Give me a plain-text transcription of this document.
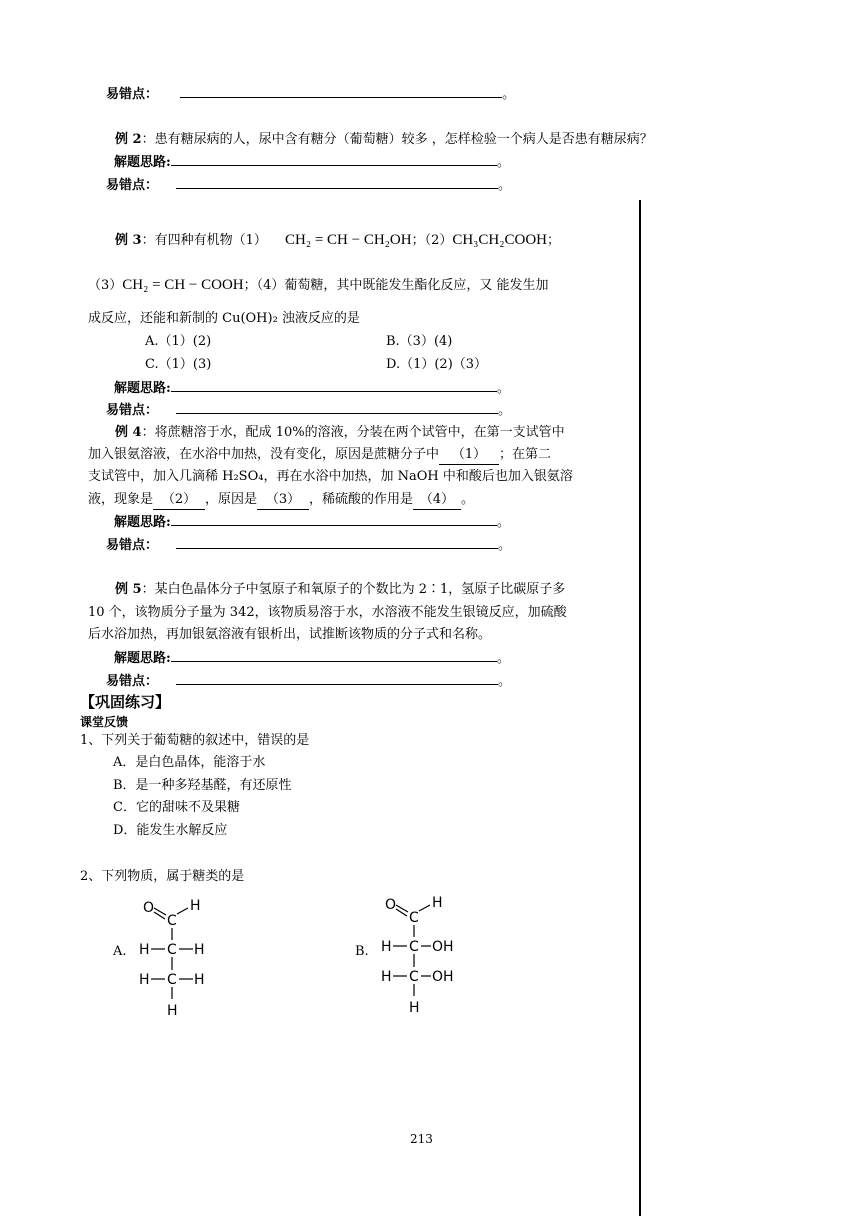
易错点：	。
例 2：患有糖尿病的人，尿中含有糖分（葡萄糖）较多 ，怎样检验一个病人是否患有糖尿病？
解题思路:	。
易错点：	。
例 3：有四种有机物（1） CH₂ = CH − CH₂OH；（2）CH₃CH₂COOH；
（3）CH₂ = CH − COOH；（4）葡萄糖，其中既能发生酯化反应，又 能发生加
成反应，还能和新制的 Cu(OH)₂ 浊液反应的是
A.（1）(2)	B.（3）(4)
C.（1）(3)	D.（1）(2)（3）
解题思路:	。
易错点：	。
例 4：将蔗糖溶于水，配成 10%的溶液，分装在两个试管中，在第一支试管中
加入银氨溶液，在水浴中加热，没有变化，原因是蔗糖分子中 （1） ；在第二
支试管中，加入几滴稀 H₂SO₄，再在水浴中加热，加 NaOH 中和酸后也加入银氨溶
液，现象是 （2） ，原因是 （3） ，稀硫酸的作用是 （4） 。
解题思路:	。
易错点：	。
例 5：某白色晶体分子中氢原子和氧原子的个数比为 2∶1，氢原子比碳原子多
10 个，该物质分子量为 342，该物质易溶于水，水溶液不能发生银镜反应，加硫酸
后水浴加热，再加银氨溶液有银析出，试推断该物质的分子式和名称。
解题思路:	。
易错点：	。
【巩固练习】
课堂反馈
1、下列关于葡萄糖的叙述中，错误的是
A．是白色晶体，能溶于水
B．是一种多羟基醛，有还原性
C．它的甜味不及果糖
D．能发生水解反应
2、下列物质，属于糖类的是
A.	B.
O
C
H
H C H
H C H
H
O
C
H
H C OH
H C OH
H
213
